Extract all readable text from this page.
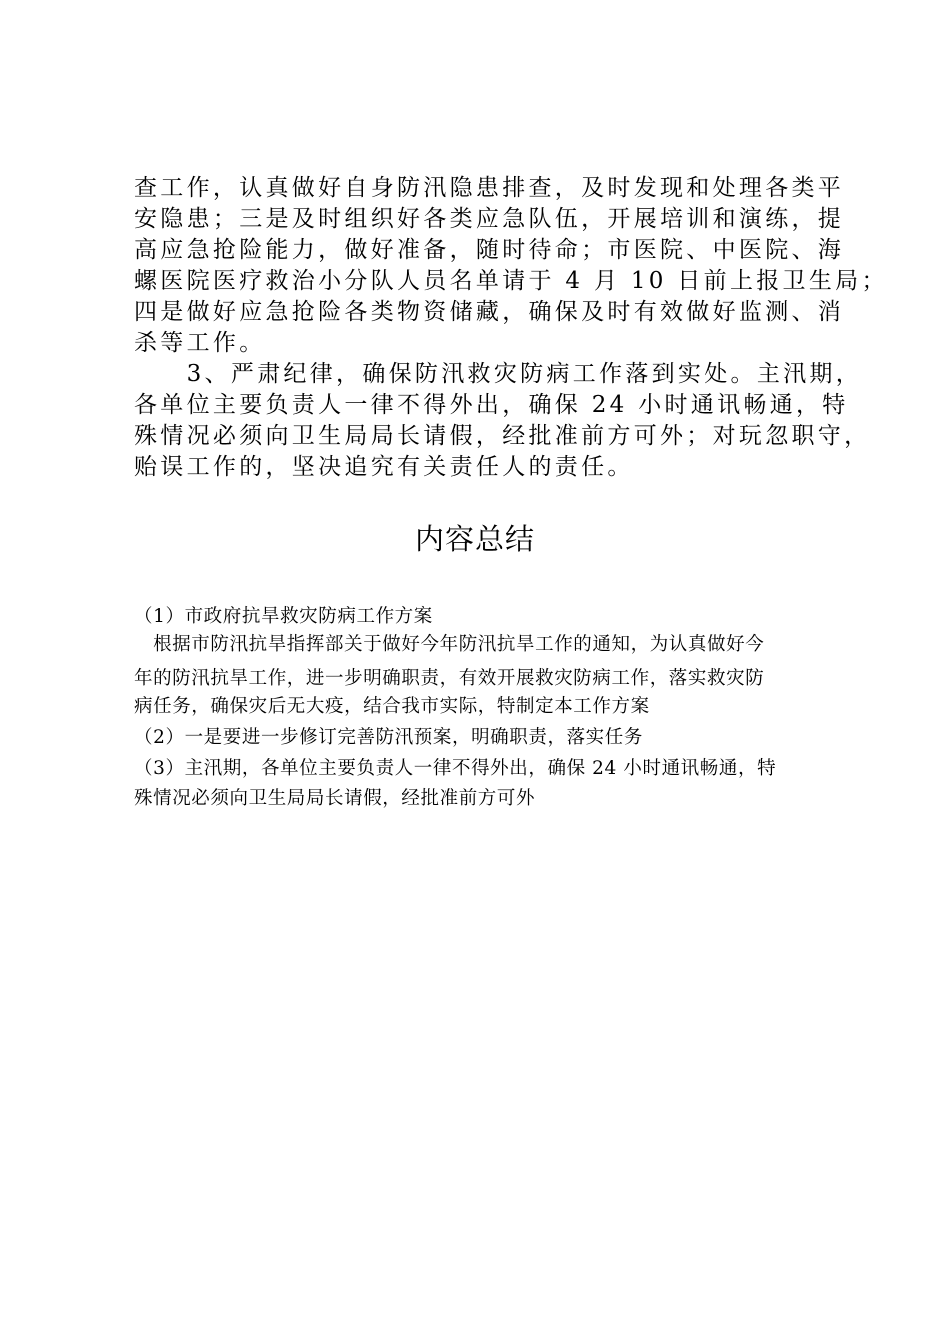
查工作，认真做好自身防汛隐患排查，及时发现和处理各类平
安隐患；三是及时组织好各类应急队伍，开展培训和演练，提
高应急抢险能力，做好准备，随时待命；市医院、中医院、海
螺医院医疗救治小分队人员名单请于 4 月 10 日前上报卫生局；
四是做好应急抢险各类物资储藏，确保及时有效做好监测、消
杀等工作。
　　3、严肃纪律，确保防汛救灾防病工作落到实处。主汛期，
各单位主要负责人一律不得外出，确保 24 小时通讯畅通，特
殊情况必须向卫生局局长请假，经批准前方可外；对玩忽职守，
贻误工作的，坚决追究有关责任人的责任。
内容总结
（1）市政府抗旱救灾防病工作方案
　根据市防汛抗旱指挥部关于做好今年防汛抗旱工作的通知，为认真做好今
年的防汛抗旱工作，进一步明确职责，有效开展救灾防病工作，落实救灾防
病任务，确保灾后无大疫，结合我市实际，特制定本工作方案
（2）一是要进一步修订完善防汛预案，明确职责，落实任务
（3）主汛期，各单位主要负责人一律不得外出，确保 24 小时通讯畅通，特
殊情况必须向卫生局局长请假，经批准前方可外
